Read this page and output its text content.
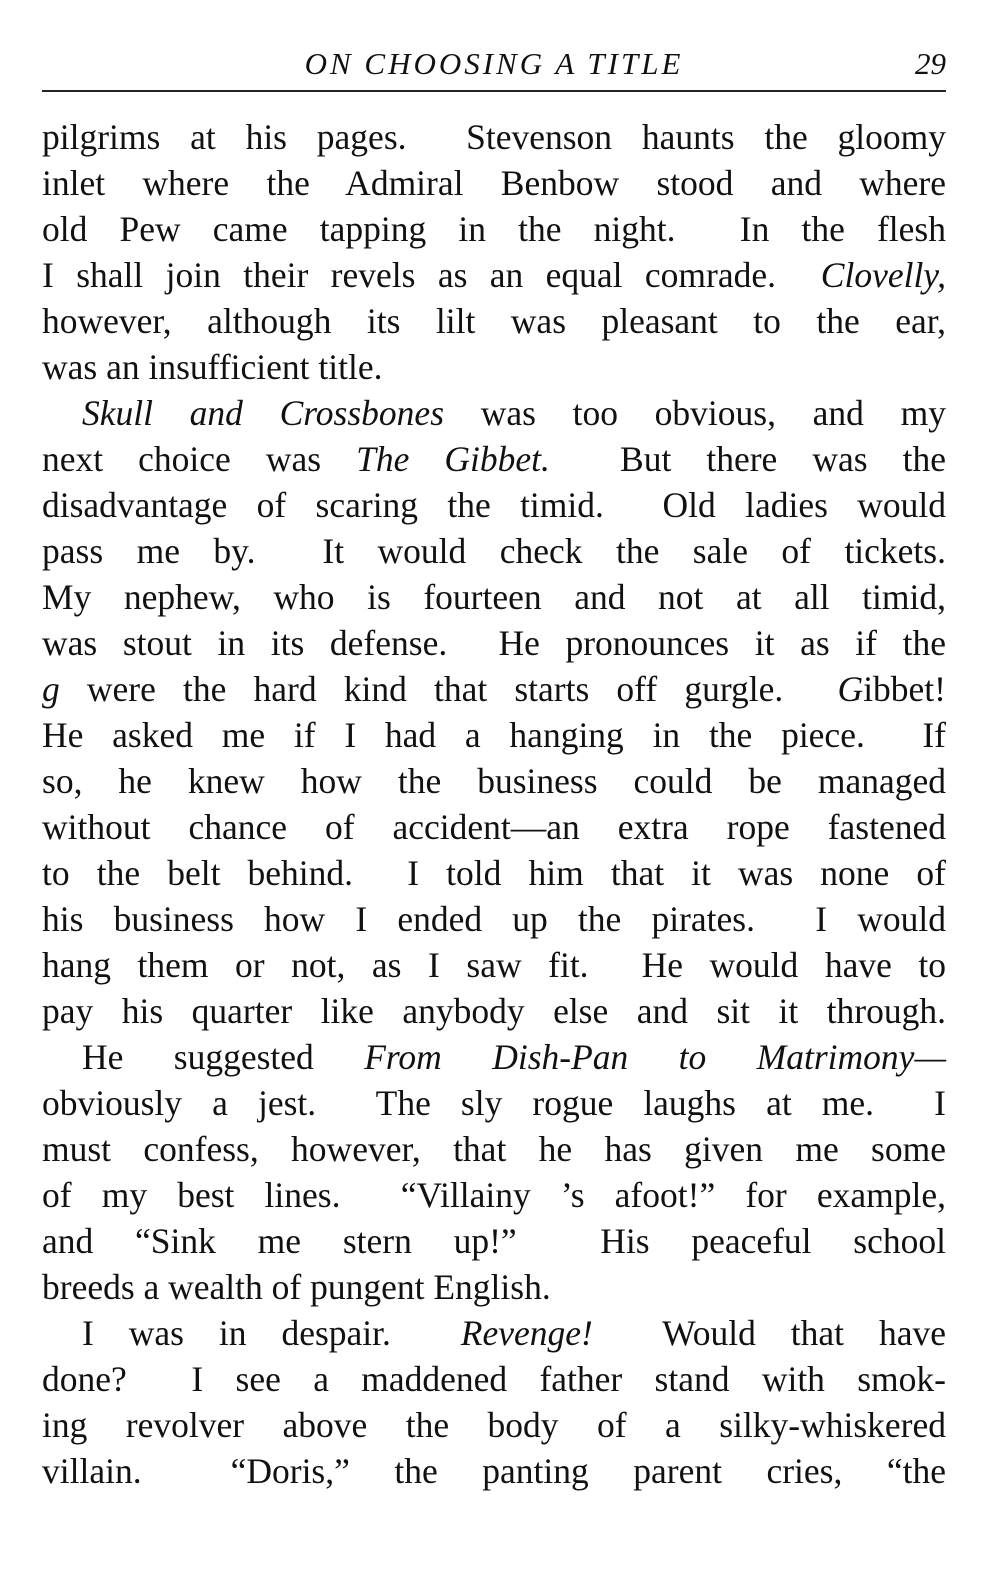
ON CHOOSING A TITLE	29
pilgrims at his pages.  Stevenson haunts the gloomy
inlet where the Admiral Benbow stood and where
old Pew came tapping in the night.  In the flesh
I shall join their revels as an equal comrade.  Clovelly,
however, although its lilt was pleasant to the ear,
was an insufficient title.
Skull and Crossbones was too obvious, and my
next choice was The Gibbet.  But there was the
disadvantage of scaring the timid.  Old ladies would
pass me by.  It would check the sale of tickets.
My nephew, who is fourteen and not at all timid,
was stout in its defense.  He pronounces it as if the
g were the hard kind that starts off gurgle.  Gibbet!
He asked me if I had a hanging in the piece.  If
so, he knew how the business could be managed
without chance of accident—an extra rope fastened
to the belt behind.  I told him that it was none of
his business how I ended up the pirates.  I would
hang them or not, as I saw fit.  He would have to
pay his quarter like anybody else and sit it through.
He suggested From Dish-Pan to Matrimony—
obviously a jest.  The sly rogue laughs at me.  I
must confess, however, that he has given me some
of my best lines.  “Villainy ’s afoot!” for example,
and “Sink me stern up!”  His peaceful school
breeds a wealth of pungent English.
I was in despair.  Revenge!  Would that have
done?  I see a maddened father stand with smok-
ing revolver above the body of a silky-whiskered
villain.  “Doris,” the panting parent cries, “the
